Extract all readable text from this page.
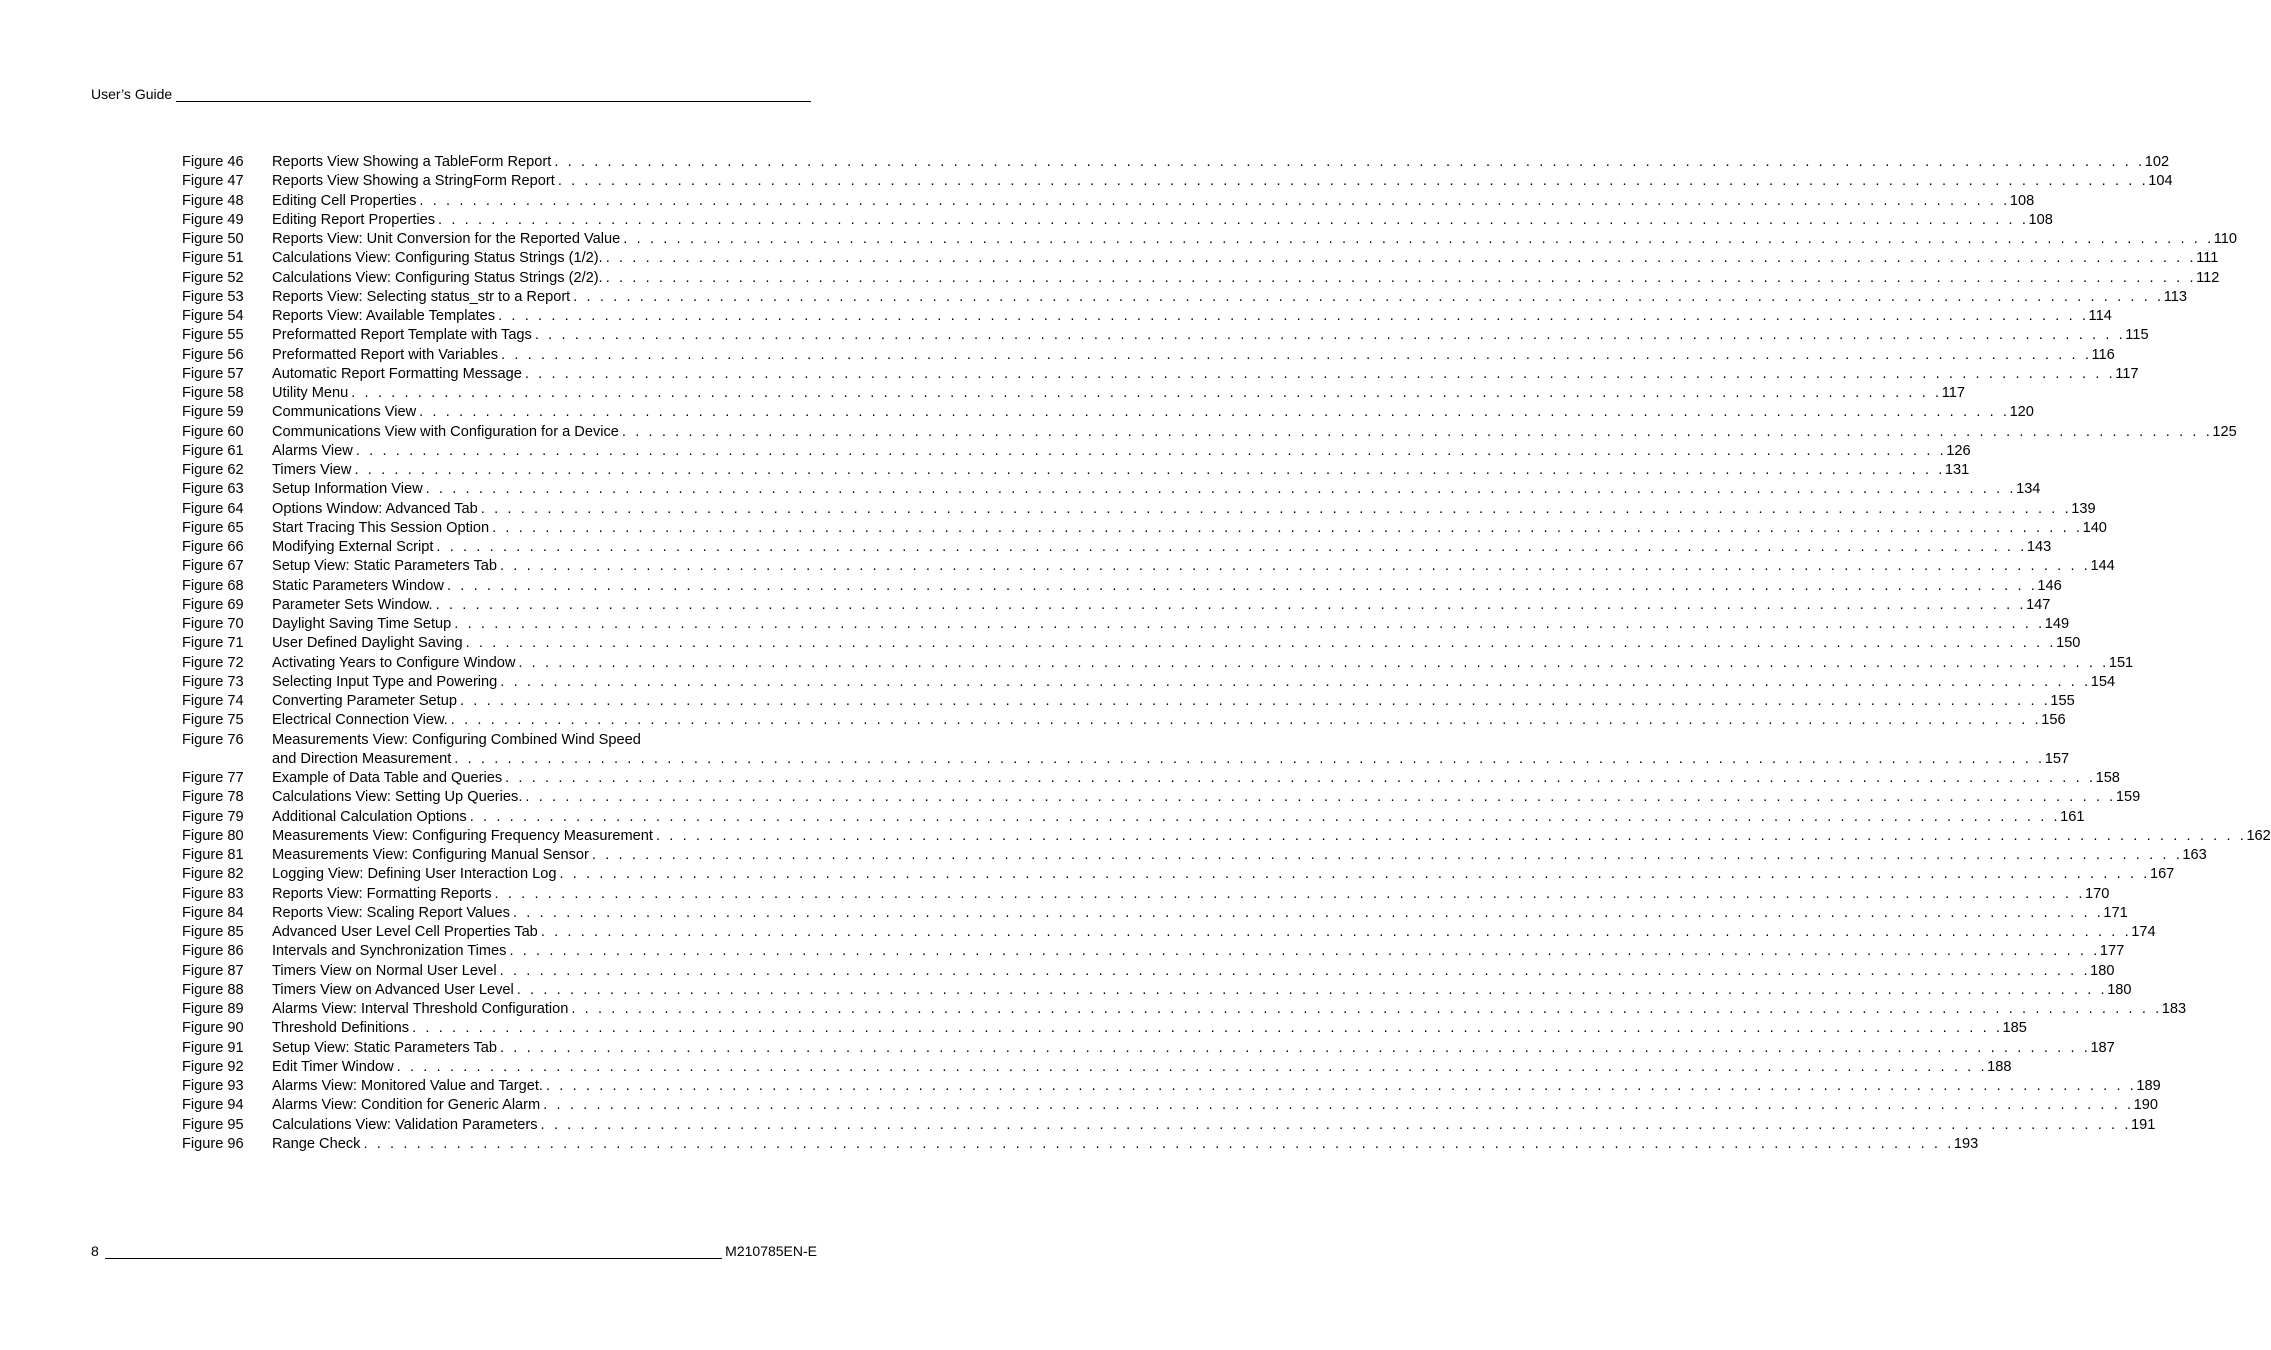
User’s Guide
Figure 46	Reports View Showing a TableForm Report . . . . . . . . . . . . . . . . . . . . . . . . . . . . . . . . . . . . . . . . . . . . . . . . . . . . . . . . . . . . . . . . . . . . . . . . . . . . . . . . . . . . . . . . . . . . . . . . . . . . . . . . . . . . . . . . . . . . . . . . 102
Figure 47	Reports View Showing a StringForm Report . . . . . . . . . . . . . . . . . . . . . . . . . . . . . . . . . . . . . . . . . . . . . . . . . . . . . . . . . . . . . . . . . . . . . . . . . . . . . . . . . . . . . . . . . . . . . . . . . . . . . . . . . . . . . . . . . . . . . . . . 104
Figure 48	Editing Cell Properties . . . . . . . . . . . . . . . . . . . . . . . . . . . . . . . . . . . . . . . . . . . . . . . . . . . . . . . . . . . . . . . . . . . . . . . . . . . . . . . . . . . . . . . . . . . . . . . . . . . . . . . . . . . . . . . . . . . . . . . . 108
Figure 49	Editing Report Properties . . . . . . . . . . . . . . . . . . . . . . . . . . . . . . . . . . . . . . . . . . . . . . . . . . . . . . . . . . . . . . . . . . . . . . . . . . . . . . . . . . . . . . . . . . . . . . . . . . . . . . . . . . . . . . . . . . . . . . . . 108
Figure 50	Reports View: Unit Conversion for the Reported Value . . . . . . . . . . . . . . . . . . . . . . . . . . . . . . . . . . . . . . . . . . . . . . . . . . . . . . . . . . . . . . . . . . . . . . . . . . . . . . . . . . . . . . . . . . . . . . . . . . . . . . . . . . . . . . . . . . . . . . . . 110
Figure 51	Calculations View: Configuring Status Strings (1/2). . . . . . . . . . . . . . . . . . . . . . . . . . . . . . . . . . . . . . . . . . . . . . . . . . . . . . . . . . . . . . . . . . . . . . . . . . . . . . . . . . . . . . . . . . . . . . . . . . . . . . . . . . . . . . . . . . . . . . . . . 111
Figure 52	Calculations View: Configuring Status Strings (2/2). . . . . . . . . . . . . . . . . . . . . . . . . . . . . . . . . . . . . . . . . . . . . . . . . . . . . . . . . . . . . . . . . . . . . . . . . . . . . . . . . . . . . . . . . . . . . . . . . . . . . . . . . . . . . . . . . . . . . . . . . 112
Figure 53	Reports View: Selecting status_str to a Report . . . . . . . . . . . . . . . . . . . . . . . . . . . . . . . . . . . . . . . . . . . . . . . . . . . . . . . . . . . . . . . . . . . . . . . . . . . . . . . . . . . . . . . . . . . . . . . . . . . . . . . . . . . . . . . . . . . . . . . . 113
Figure 54	Reports View: Available Templates . . . . . . . . . . . . . . . . . . . . . . . . . . . . . . . . . . . . . . . . . . . . . . . . . . . . . . . . . . . . . . . . . . . . . . . . . . . . . . . . . . . . . . . . . . . . . . . . . . . . . . . . . . . . . . . . . . . . . . . . 114
Figure 55	Preformatted Report Template with Tags . . . . . . . . . . . . . . . . . . . . . . . . . . . . . . . . . . . . . . . . . . . . . . . . . . . . . . . . . . . . . . . . . . . . . . . . . . . . . . . . . . . . . . . . . . . . . . . . . . . . . . . . . . . . . . . . . . . . . . . . 115
Figure 56	Preformatted Report with Variables . . . . . . . . . . . . . . . . . . . . . . . . . . . . . . . . . . . . . . . . . . . . . . . . . . . . . . . . . . . . . . . . . . . . . . . . . . . . . . . . . . . . . . . . . . . . . . . . . . . . . . . . . . . . . . . . . . . . . . . . 116
Figure 57	Automatic Report Formatting Message . . . . . . . . . . . . . . . . . . . . . . . . . . . . . . . . . . . . . . . . . . . . . . . . . . . . . . . . . . . . . . . . . . . . . . . . . . . . . . . . . . . . . . . . . . . . . . . . . . . . . . . . . . . . . . . . . . . . . . . . 117
Figure 58	Utility Menu . . . . . . . . . . . . . . . . . . . . . . . . . . . . . . . . . . . . . . . . . . . . . . . . . . . . . . . . . . . . . . . . . . . . . . . . . . . . . . . . . . . . . . . . . . . . . . . . . . . . . . . . . . . . . . . . . . . . . . . . 117
Figure 59	Communications View . . . . . . . . . . . . . . . . . . . . . . . . . . . . . . . . . . . . . . . . . . . . . . . . . . . . . . . . . . . . . . . . . . . . . . . . . . . . . . . . . . . . . . . . . . . . . . . . . . . . . . . . . . . . . . . . . . . . . . . . 120
Figure 60	Communications View with Configuration for a Device . . . . . . . . . . . . . . . . . . . . . . . . . . . . . . . . . . . . . . . . . . . . . . . . . . . . . . . . . . . . . . . . . . . . . . . . . . . . . . . . . . . . . . . . . . . . . . . . . . . . . . . . . . . . . . . . . . . . . . . . 125
Figure 61	Alarms View . . . . . . . . . . . . . . . . . . . . . . . . . . . . . . . . . . . . . . . . . . . . . . . . . . . . . . . . . . . . . . . . . . . . . . . . . . . . . . . . . . . . . . . . . . . . . . . . . . . . . . . . . . . . . . . . . . . . . . . . 126
Figure 62	Timers View . . . . . . . . . . . . . . . . . . . . . . . . . . . . . . . . . . . . . . . . . . . . . . . . . . . . . . . . . . . . . . . . . . . . . . . . . . . . . . . . . . . . . . . . . . . . . . . . . . . . . . . . . . . . . . . . . . . . . . . . 131
Figure 63	Setup Information View . . . . . . . . . . . . . . . . . . . . . . . . . . . . . . . . . . . . . . . . . . . . . . . . . . . . . . . . . . . . . . . . . . . . . . . . . . . . . . . . . . . . . . . . . . . . . . . . . . . . . . . . . . . . . . . . . . . . . . . . 134
Figure 64	Options Window: Advanced Tab . . . . . . . . . . . . . . . . . . . . . . . . . . . . . . . . . . . . . . . . . . . . . . . . . . . . . . . . . . . . . . . . . . . . . . . . . . . . . . . . . . . . . . . . . . . . . . . . . . . . . . . . . . . . . . . . . . . . . . . . 139
Figure 65	Start Tracing This Session Option . . . . . . . . . . . . . . . . . . . . . . . . . . . . . . . . . . . . . . . . . . . . . . . . . . . . . . . . . . . . . . . . . . . . . . . . . . . . . . . . . . . . . . . . . . . . . . . . . . . . . . . . . . . . . . . . . . . . . . . . 140
Figure 66	Modifying External Script . . . . . . . . . . . . . . . . . . . . . . . . . . . . . . . . . . . . . . . . . . . . . . . . . . . . . . . . . . . . . . . . . . . . . . . . . . . . . . . . . . . . . . . . . . . . . . . . . . . . . . . . . . . . . . . . . . . . . . . . 143
Figure 67	Setup View: Static Parameters Tab . . . . . . . . . . . . . . . . . . . . . . . . . . . . . . . . . . . . . . . . . . . . . . . . . . . . . . . . . . . . . . . . . . . . . . . . . . . . . . . . . . . . . . . . . . . . . . . . . . . . . . . . . . . . . . . . . . . . . . . . 144
Figure 68	Static Parameters Window . . . . . . . . . . . . . . . . . . . . . . . . . . . . . . . . . . . . . . . . . . . . . . . . . . . . . . . . . . . . . . . . . . . . . . . . . . . . . . . . . . . . . . . . . . . . . . . . . . . . . . . . . . . . . . . . . . . . . . . . 146
Figure 69	Parameter Sets Window. . . . . . . . . . . . . . . . . . . . . . . . . . . . . . . . . . . . . . . . . . . . . . . . . . . . . . . . . . . . . . . . . . . . . . . . . . . . . . . . . . . . . . . . . . . . . . . . . . . . . . . . . . . . . . . . . . . . . . . . . 147
Figure 70	Daylight Saving Time Setup . . . . . . . . . . . . . . . . . . . . . . . . . . . . . . . . . . . . . . . . . . . . . . . . . . . . . . . . . . . . . . . . . . . . . . . . . . . . . . . . . . . . . . . . . . . . . . . . . . . . . . . . . . . . . . . . . . . . . . . . 149
Figure 71	User Defined Daylight Saving . . . . . . . . . . . . . . . . . . . . . . . . . . . . . . . . . . . . . . . . . . . . . . . . . . . . . . . . . . . . . . . . . . . . . . . . . . . . . . . . . . . . . . . . . . . . . . . . . . . . . . . . . . . . . . . . . . . . . . . . 150
Figure 72	Activating Years to Configure Window . . . . . . . . . . . . . . . . . . . . . . . . . . . . . . . . . . . . . . . . . . . . . . . . . . . . . . . . . . . . . . . . . . . . . . . . . . . . . . . . . . . . . . . . . . . . . . . . . . . . . . . . . . . . . . . . . . . . . . . . 151
Figure 73	Selecting Input Type and Powering . . . . . . . . . . . . . . . . . . . . . . . . . . . . . . . . . . . . . . . . . . . . . . . . . . . . . . . . . . . . . . . . . . . . . . . . . . . . . . . . . . . . . . . . . . . . . . . . . . . . . . . . . . . . . . . . . . . . . . . . 154
Figure 74	Converting Parameter Setup . . . . . . . . . . . . . . . . . . . . . . . . . . . . . . . . . . . . . . . . . . . . . . . . . . . . . . . . . . . . . . . . . . . . . . . . . . . . . . . . . . . . . . . . . . . . . . . . . . . . . . . . . . . . . . . . . . . . . . . . 155
Figure 75	Electrical Connection View. . . . . . . . . . . . . . . . . . . . . . . . . . . . . . . . . . . . . . . . . . . . . . . . . . . . . . . . . . . . . . . . . . . . . . . . . . . . . . . . . . . . . . . . . . . . . . . . . . . . . . . . . . . . . . . . . . . . . . . . . 156
Figure 76	Measurements View: Configuring Combined Wind Speed
and Direction Measurement . . . . . . . . . . . . . . . . . . . . . . . . . . . . . . . . . . . . . . . . . . . . . . . . . . . . . . . . . . . . . . . . . . . . . . . . . . . . . . . . . . . . . . . . . . . . . . . . . . . . . . . . . . . . . . . . . . . . . . . . 157
Figure 77	Example of Data Table and Queries . . . . . . . . . . . . . . . . . . . . . . . . . . . . . . . . . . . . . . . . . . . . . . . . . . . . . . . . . . . . . . . . . . . . . . . . . . . . . . . . . . . . . . . . . . . . . . . . . . . . . . . . . . . . . . . . . . . . . . . . 158
Figure 78	Calculations View: Setting Up Queries. . . . . . . . . . . . . . . . . . . . . . . . . . . . . . . . . . . . . . . . . . . . . . . . . . . . . . . . . . . . . . . . . . . . . . . . . . . . . . . . . . . . . . . . . . . . . . . . . . . . . . . . . . . . . . . . . . . . . . . . . 159
Figure 79	Additional Calculation Options . . . . . . . . . . . . . . . . . . . . . . . . . . . . . . . . . . . . . . . . . . . . . . . . . . . . . . . . . . . . . . . . . . . . . . . . . . . . . . . . . . . . . . . . . . . . . . . . . . . . . . . . . . . . . . . . . . . . . . . . 161
Figure 80	Measurements View: Configuring Frequency Measurement . . . . . . . . . . . . . . . . . . . . . . . . . . . . . . . . . . . . . . . . . . . . . . . . . . . . . . . . . . . . . . . . . . . . . . . . . . . . . . . . . . . . . . . . . . . . . . . . . . . . . . . . . . . . . . . . . . . . . . . . 162
Figure 81	Measurements View: Configuring Manual Sensor . . . . . . . . . . . . . . . . . . . . . . . . . . . . . . . . . . . . . . . . . . . . . . . . . . . . . . . . . . . . . . . . . . . . . . . . . . . . . . . . . . . . . . . . . . . . . . . . . . . . . . . . . . . . . . . . . . . . . . . . 163
Figure 82	Logging View: Defining User Interaction Log . . . . . . . . . . . . . . . . . . . . . . . . . . . . . . . . . . . . . . . . . . . . . . . . . . . . . . . . . . . . . . . . . . . . . . . . . . . . . . . . . . . . . . . . . . . . . . . . . . . . . . . . . . . . . . . . . . . . . . . . 167
Figure 83	Reports View: Formatting Reports . . . . . . . . . . . . . . . . . . . . . . . . . . . . . . . . . . . . . . . . . . . . . . . . . . . . . . . . . . . . . . . . . . . . . . . . . . . . . . . . . . . . . . . . . . . . . . . . . . . . . . . . . . . . . . . . . . . . . . . . 170
Figure 84	Reports View: Scaling Report Values . . . . . . . . . . . . . . . . . . . . . . . . . . . . . . . . . . . . . . . . . . . . . . . . . . . . . . . . . . . . . . . . . . . . . . . . . . . . . . . . . . . . . . . . . . . . . . . . . . . . . . . . . . . . . . . . . . . . . . . . 171
Figure 85	Advanced User Level Cell Properties Tab . . . . . . . . . . . . . . . . . . . . . . . . . . . . . . . . . . . . . . . . . . . . . . . . . . . . . . . . . . . . . . . . . . . . . . . . . . . . . . . . . . . . . . . . . . . . . . . . . . . . . . . . . . . . . . . . . . . . . . . . 174
Figure 86	Intervals and Synchronization Times . . . . . . . . . . . . . . . . . . . . . . . . . . . . . . . . . . . . . . . . . . . . . . . . . . . . . . . . . . . . . . . . . . . . . . . . . . . . . . . . . . . . . . . . . . . . . . . . . . . . . . . . . . . . . . . . . . . . . . . . 177
Figure 87	Timers View on Normal User Level . . . . . . . . . . . . . . . . . . . . . . . . . . . . . . . . . . . . . . . . . . . . . . . . . . . . . . . . . . . . . . . . . . . . . . . . . . . . . . . . . . . . . . . . . . . . . . . . . . . . . . . . . . . . . . . . . . . . . . . . 180
Figure 88	Timers View on Advanced User Level . . . . . . . . . . . . . . . . . . . . . . . . . . . . . . . . . . . . . . . . . . . . . . . . . . . . . . . . . . . . . . . . . . . . . . . . . . . . . . . . . . . . . . . . . . . . . . . . . . . . . . . . . . . . . . . . . . . . . . . . 180
Figure 89	Alarms View: Interval Threshold Configuration . . . . . . . . . . . . . . . . . . . . . . . . . . . . . . . . . . . . . . . . . . . . . . . . . . . . . . . . . . . . . . . . . . . . . . . . . . . . . . . . . . . . . . . . . . . . . . . . . . . . . . . . . . . . . . . . . . . . . . . . 183
Figure 90	Threshold Definitions . . . . . . . . . . . . . . . . . . . . . . . . . . . . . . . . . . . . . . . . . . . . . . . . . . . . . . . . . . . . . . . . . . . . . . . . . . . . . . . . . . . . . . . . . . . . . . . . . . . . . . . . . . . . . . . . . . . . . . . . 185
Figure 91	Setup View: Static Parameters Tab . . . . . . . . . . . . . . . . . . . . . . . . . . . . . . . . . . . . . . . . . . . . . . . . . . . . . . . . . . . . . . . . . . . . . . . . . . . . . . . . . . . . . . . . . . . . . . . . . . . . . . . . . . . . . . . . . . . . . . . . 187
Figure 92	Edit Timer Window . . . . . . . . . . . . . . . . . . . . . . . . . . . . . . . . . . . . . . . . . . . . . . . . . . . . . . . . . . . . . . . . . . . . . . . . . . . . . . . . . . . . . . . . . . . . . . . . . . . . . . . . . . . . . . . . . . . . . . . . 188
Figure 93	Alarms View: Monitored Value and Target. . . . . . . . . . . . . . . . . . . . . . . . . . . . . . . . . . . . . . . . . . . . . . . . . . . . . . . . . . . . . . . . . . . . . . . . . . . . . . . . . . . . . . . . . . . . . . . . . . . . . . . . . . . . . . . . . . . . . . . . . 189
Figure 94	Alarms View: Condition for Generic Alarm . . . . . . . . . . . . . . . . . . . . . . . . . . . . . . . . . . . . . . . . . . . . . . . . . . . . . . . . . . . . . . . . . . . . . . . . . . . . . . . . . . . . . . . . . . . . . . . . . . . . . . . . . . . . . . . . . . . . . . . . 190
Figure 95	Calculations View: Validation Parameters . . . . . . . . . . . . . . . . . . . . . . . . . . . . . . . . . . . . . . . . . . . . . . . . . . . . . . . . . . . . . . . . . . . . . . . . . . . . . . . . . . . . . . . . . . . . . . . . . . . . . . . . . . . . . . . . . . . . . . . . 191
Figure 96	Range Check . . . . . . . . . . . . . . . . . . . . . . . . . . . . . . . . . . . . . . . . . . . . . . . . . . . . . . . . . . . . . . . . . . . . . . . . . . . . . . . . . . . . . . . . . . . . . . . . . . . . . . . . . . . . . . . . . . . . . . . . 193
8	M210785EN-E
